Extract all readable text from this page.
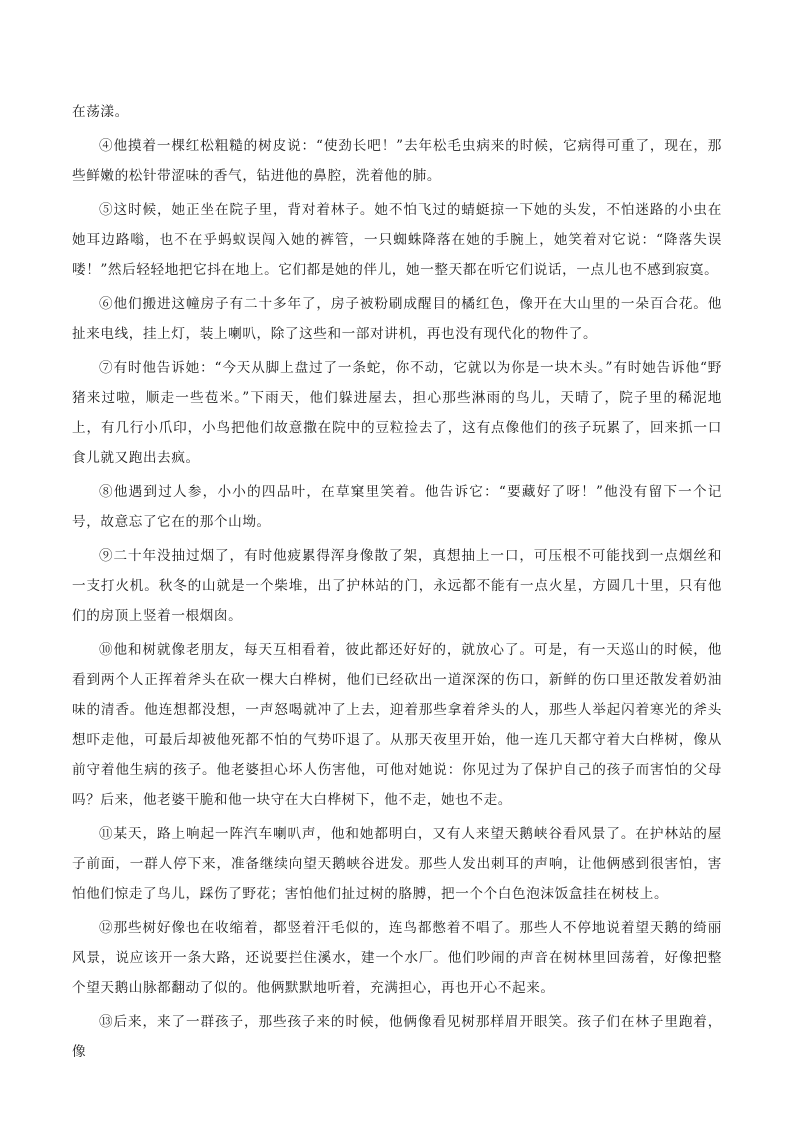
在荡漾。

④他摸着一棵红松粗糙的树皮说：“使劲长吧！”去年松毛虫病来的时候，它病得可重了，现在，那些鲜嫩的松针带涩味的香气，钻进他的鼻腔，洗着他的肺。

⑤这时候，她正坐在院子里，背对着林子。她不怕飞过的蜻蜓掠一下她的头发，不怕迷路的小虫在她耳边路嗡，也不在乎蚂蚁误闯入她的裤管，一只蜘蛛降落在她的手腕上，她笑着对它说：“降落失误喽！”然后轻轻地把它抖在地上。它们都是她的伴儿，她一整天都在听它们说话，一点儿也不感到寂寞。

⑥他们搬进这幢房子有二十多年了，房子被粉刷成醒目的橘红色，像开在大山里的一朵百合花。他扯来电线，挂上灯，装上喇叭，除了这些和一部对讲机，再也没有现代化的物件了。

⑦有时他告诉她：“今天从脚上盘过了一条蛇，你不动，它就以为你是一块木头。”有时她告诉他“野猪来过啦，顺走一些苞米。”下雨天，他们躲进屋去，担心那些淋雨的鸟儿，天晴了，院子里的稀泥地上，有几行小爪印，小鸟把他们故意撒在院中的豆粒捡去了，这有点像他们的孩子玩累了，回来抓一口食儿就又跑出去疯。

⑧他遇到过人参，小小的四品叶，在草窠里笑着。他告诉它：“要藏好了呀！”他没有留下一个记号，故意忘了它在的那个山坳。

⑨二十年没抽过烟了，有时他疲累得浑身像散了架，真想抽上一口，可压根不可能找到一点烟丝和一支打火机。秋冬的山就是一个柴堆，出了护林站的门，永远都不能有一点火星，方圆几十里，只有他们的房顶上竖着一根烟囱。

⑩他和树就像老朋友，每天互相看着，彼此都还好好的，就放心了。可是，有一天巡山的时候，他看到两个人正挥着斧头在砍一棵大白桦树，他们已经砍出一道深深的伤口，新鲜的伤口里还散发着奶油味的清香。他连想都没想，一声怒喝就冲了上去，迎着那些拿着斧头的人，那些人举起闪着寒光的斧头想吓走他，可最后却被他死都不怕的气势吓退了。从那天夜里开始，他一连几天都守着大白桦树，像从前守着他生病的孩子。他老婆担心坏人伤害他，可他对她说：你见过为了保护自己的孩子而害怕的父母吗？后来，他老婆干脆和他一块守在大白桦树下，他不走，她也不走。

⑪某天，路上响起一阵汽车喇叭声，他和她都明白，又有人来望天鹅峡谷看风景了。在护林站的屋子前面，一群人停下来，准备继续向望天鹅峡谷进发。那些人发出刺耳的声响，让他俩感到很害怕，害怕他们惊走了鸟儿，踩伤了野花；害怕他们扯过树的胳膊，把一个个白色泡沫饭盒挂在树枝上。

⑫那些树好像也在收缩着，都竖着汗毛似的，连鸟都憋着不唱了。那些人不停地说着望天鹅的绮丽风景，说应该开一条大路，还说要拦住溪水，建一个水厂。他们吵闹的声音在树林里回荡着，好像把整个望天鹅山脉都翻动了似的。他俩默默地听着，充满担心，再也开心不起来。

⑬后来，来了一群孩子，那些孩子来的时候，他俩像看见树那样眉开眼笑。孩子们在林子里跑着，像
